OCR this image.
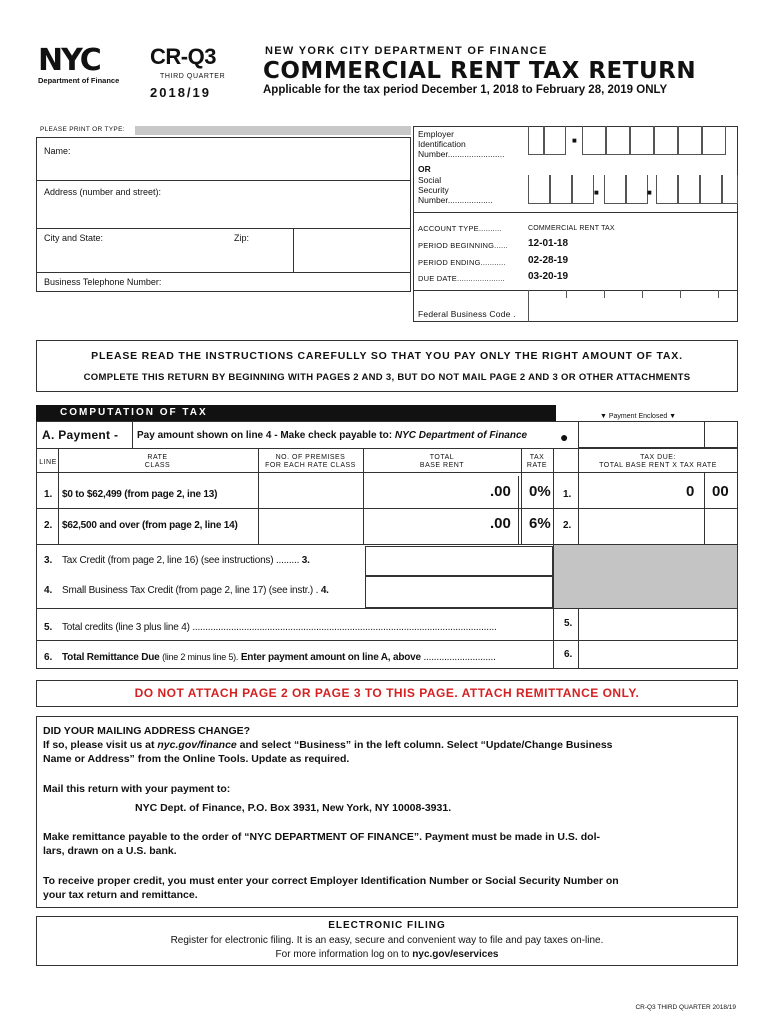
NYC
Department of Finance
CR-Q3
THIRD QUARTER
2018/19
NEW YORK CITY DEPARTMENT OF FINANCE
COMMERCIAL RENT TAX RETURN
Applicable for the tax period December 1, 2018 to February 28, 2019 ONLY
PLEASE PRINT OR TYPE:
Name:
Address (number and street):
City and State:	Zip:
Business Telephone Number:
Employer
Identification
Number........................
■
OR
Social
Security
Number...................
■	■
ACCOUNT TYPE..........	COMMERCIAL RENT TAX
PERIOD BEGINNING...... 12-01-18
PERIOD ENDING........... 02-28-19
DUE DATE..................... 03-20-19
Federal Business Code .
PLEASE READ THE INSTRUCTIONS CAREFULLY SO THAT YOU PAY ONLY THE RIGHT AMOUNT OF TAX.
COMPLETE THIS RETURN BY BEGINNING WITH PAGES 2 AND 3, BUT DO NOT MAIL PAGE 2 AND 3 OR OTHER ATTACHMENTS
COMPUTATION OF TAX	▼ Payment Enclosed ▼
A. Payment - Pay amount shown on line 4 - Make check payable to: NYC Department of Finance ●
LINE
RATE
CLASS
NO. OF PREMISES
FOR EACH RATE CLASS
TOTAL
BASE RENT
TAX
RATE
TAX DUE:
TOTAL BASE RENT X TAX RATE
1. $0 to $62,499 (from page 2, ine 13)	.00 0% 1.	0 00
2. $62,500 and over (from page 2, line 14)	.00 6% 2.
3. Tax Credit (from page 2, line 16) (see instructions) ......... 3.
4. Small Business Tax Credit (from page 2, line 17) (see instr.) . 4.
5. Total credits (line 3 plus line 4) ......................................................................................................................	5.
6. Total Remittance Due (line 2 minus line 5). Enter payment amount on line A, above ............................	6.
DO NOT ATTACH PAGE 2 OR PAGE 3 TO THIS PAGE. ATTACH REMITTANCE ONLY.
DID YOUR MAILING ADDRESS CHANGE?
If so, please visit us at nyc.gov/finance and select “Business” in the left column. Select “Update/Change Business
Name or Address” from the Online Tools. Update as required.
Mail this return with your payment to:
NYC Dept. of Finance, P.O. Box 3931, New York, NY 10008-3931.
Make remittance payable to the order of “NYC DEPARTMENT OF FINANCE”. Payment must be made in U.S. dol-
lars, drawn on a U.S. bank.
To receive proper credit, you must enter your correct Employer Identification Number or Social Security Number on
your tax return and remittance.
ELECTRONIC FILING
Register for electronic filing. It is an easy, secure and convenient way to file and pay taxes on-line.
For more information log on to nyc.gov/eservices
CR-Q3 THIRD QUARTER 2018/19
